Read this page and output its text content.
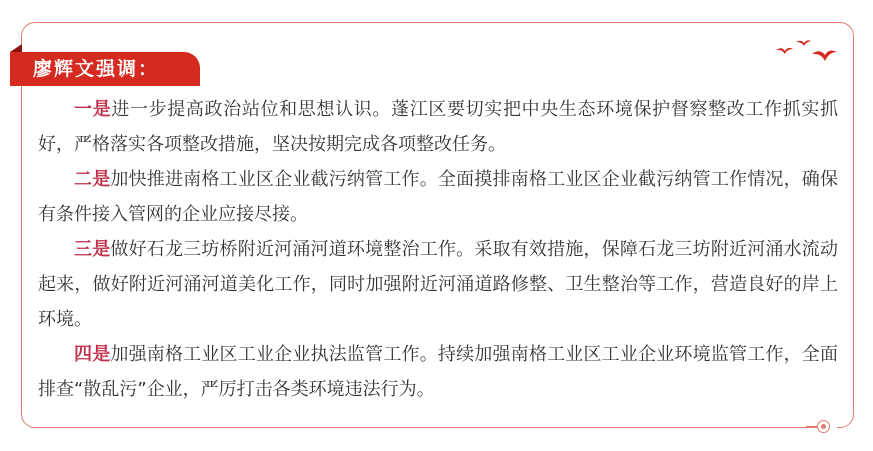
廖辉文强调：

一是进一步提高政治站位和思想认识。蓬江区要切实把中央生态环境保护督察整改工作抓实抓好，严格落实各项整改措施，坚决按期完成各项整改任务。

二是加快推进南格工业区企业截污纳管工作。全面摸排南格工业区企业截污纳管工作情况，确保有条件接入管网的企业应接尽接。

三是做好石龙三坊桥附近河涌河道环境整治工作。采取有效措施，保障石龙三坊附近河涌水流动起来，做好附近河涌河道美化工作，同时加强附近河涌道路修整、卫生整治等工作，营造良好的岸上环境。

四是加强南格工业区工业企业执法监管工作。持续加强南格工业区工业企业环境监管工作，全面排查“散乱污”企业，严厉打击各类环境违法行为。
